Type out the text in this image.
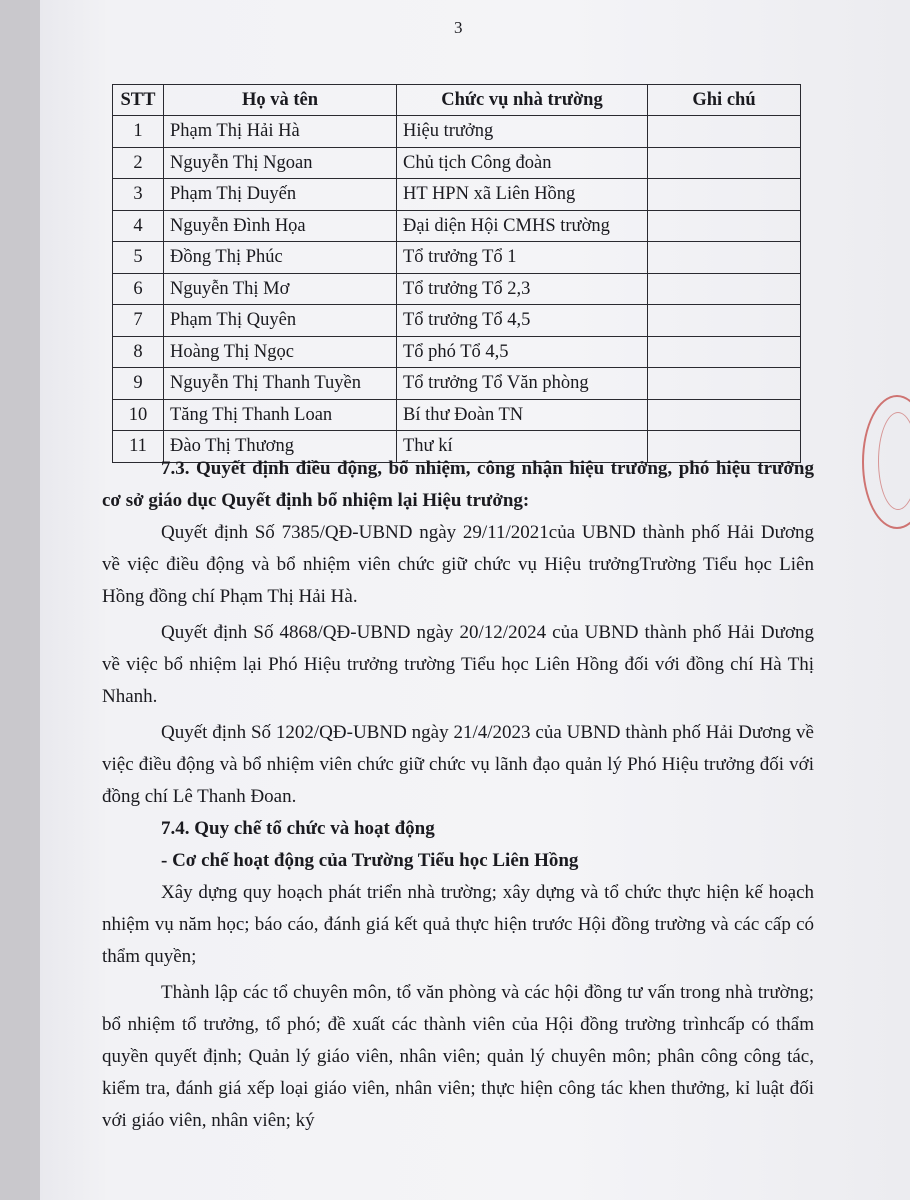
3
STT	Họ và tên	Chức vụ nhà trường	Ghi chú
1	Phạm Thị Hải Hà	Hiệu trưởng	
2	Nguyễn Thị Ngoan	Chủ tịch Công đoàn	
3	Phạm Thị Duyến	HT HPN xã Liên Hồng	
4	Nguyễn Đình Họa	Đại diện Hội CMHS trường	
5	Đồng Thị Phúc	Tổ trưởng Tổ 1	
6	Nguyễn Thị Mơ	Tổ trưởng Tổ 2,3	
7	Phạm Thị Quyên	Tổ trưởng Tổ 4,5	
8	Hoàng Thị Ngọc	Tổ phó Tổ 4,5	
9	Nguyễn Thị Thanh Tuyền	Tổ trưởng Tổ Văn phòng	
10	Tăng Thị Thanh Loan	Bí thư Đoàn TN	
11	Đào Thị Thương	Thư kí	

7.3. Quyết định điều động, bổ nhiệm, công nhận hiệu trưởng, phó hiệu trưởng cơ sở giáo dục Quyết định bổ nhiệm lại Hiệu trưởng:

Quyết định Số 7385/QĐ-UBND ngày 29/11/2021của UBND thành phố Hải Dương về việc điều động và bổ nhiệm viên chức giữ chức vụ Hiệu trưởngTrường Tiểu học Liên Hồng đồng chí Phạm Thị Hải Hà.

Quyết định Số 4868/QĐ-UBND ngày 20/12/2024 của UBND thành phố Hải Dương về việc bổ nhiệm lại Phó Hiệu trưởng trường Tiểu học Liên Hồng đối với đồng chí Hà Thị Nhanh.

Quyết định Số 1202/QĐ-UBND ngày 21/4/2023 của UBND thành phố Hải Dương về việc điều động và bổ nhiệm viên chức giữ chức vụ lãnh đạo quản lý Phó Hiệu trưởng đối với đồng chí Lê Thanh Đoan.

7.4. Quy chế tổ chức và hoạt động

- Cơ chế hoạt động của Trường Tiểu học Liên Hồng

Xây dựng quy hoạch phát triển nhà trường; xây dựng và tổ chức thực hiện kế hoạch nhiệm vụ năm học; báo cáo, đánh giá kết quả thực hiện trước Hội đồng trường và các cấp có thẩm quyền;

Thành lập các tổ chuyên môn, tổ văn phòng và các hội đồng tư vấn trong nhà trường; bổ nhiệm tổ trưởng, tổ phó; đề xuất các thành viên của Hội đồng trường trìnhcấp có thẩm quyền quyết định; Quản lý giáo viên, nhân viên; quản lý chuyên môn; phân công công tác, kiểm tra, đánh giá xếp loại giáo viên, nhân viên; thực hiện công tác khen thưởng, kỉ luật đối với giáo viên, nhân viên; ký
